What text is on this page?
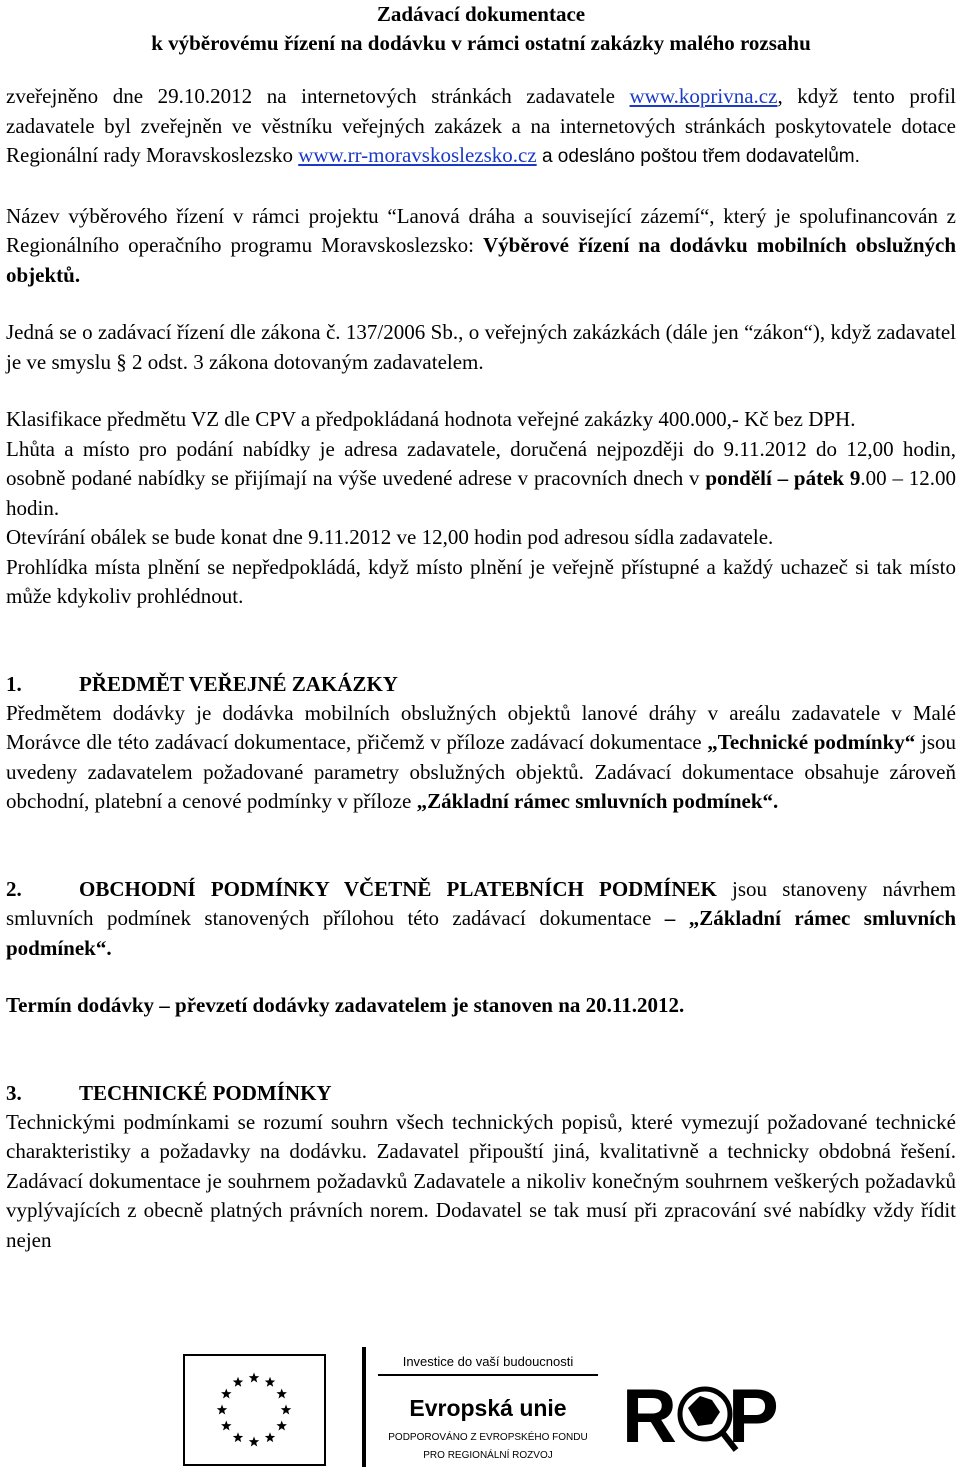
Zadávací dokumentace
k výběrovému řízení na dodávku v rámci ostatní zakázky malého rozsahu

zveřejněno dne 29.10.2012 na internetových stránkách zadavatele www.koprivna.cz, když tento profil zadavatele byl zveřejněn ve věstníku veřejných zakázek a na internetových stránkách poskytovatele dotace Regionální rady Moravskoslezsko www.rr-moravskoslezsko.cz a odesláno poštou třem dodavatelům.

Název výběrového řízení v rámci projektu “Lanová dráha a související zázemí“, který je spolufinancován z Regionálního operačního programu Moravskoslezsko: Výběrové řízení na dodávku mobilních obslužných objektů.

Jedná se o zadávací řízení dle zákona č. 137/2006 Sb., o veřejných zakázkách (dále jen “zákon“), když zadavatel je ve smyslu § 2 odst. 3 zákona dotovaným zadavatelem.

Klasifikace předmětu VZ dle CPV a předpokládaná hodnota veřejné zakázky 400.000,- Kč bez DPH.

Lhůta a místo pro podání nabídky je adresa zadavatele, doručená nejpozději do 9.11.2012 do 12,00 hodin, osobně podané nabídky se přijímají na výše uvedené adrese v pracovních dnech v pondělí – pátek 9.00 – 12.00 hodin.

Otevírání obálek se bude konat dne 9.11.2012 ve 12,00 hodin pod adresou sídla zadavatele.

Prohlídka místa plnění se nepředpokládá, když místo plnění je veřejně přístupné a každý uchazeč si tak místo může kdykoliv prohlédnout.

1.	PŘEDMĚT VEŘEJNÉ ZAKÁZKY

Předmětem dodávky je dodávka mobilních obslužných objektů lanové dráhy v areálu zadavatele v Malé Morávce dle této zadávací dokumentace, přičemž v příloze zadávací dokumentace „Technické podmínky“ jsou uvedeny zadavatelem požadované parametry obslužných objektů. Zadávací dokumentace obsahuje zároveň obchodní, platební a cenové podmínky v příloze „Základní rámec smluvních podmínek“.

2.	OBCHODNÍ PODMÍNKY VČETNĚ PLATEBNÍCH PODMÍNEK jsou stanoveny návrhem smluvních podmínek stanovených přílohou této zadávací dokumentace – „Základní rámec smluvních podmínek“.

Termín dodávky – převzetí dodávky zadavatelem je stanoven na 20.11.2012.

3.	TECHNICKÉ PODMÍNKY

Technickými podmínkami se rozumí souhrn všech technických popisů, které vymezují požadované technické charakteristiky a požadavky na dodávku. Zadavatel připouští jiná, kvalitativně a technicky obdobná řešení. Zadávací dokumentace je souhrnem požadavků Zadavatele a nikoliv konečným souhrnem veškerých požadavků vyplývajících z obecně platných právních norem. Dodavatel se tak musí při zpracování své nabídky vždy řídit nejen

Investice do vaší budoucnosti
Evropská unie
PODPOROVÁNO Z EVROPSKÉHO FONDU
PRO REGIONÁLNÍ ROZVOJ R P
